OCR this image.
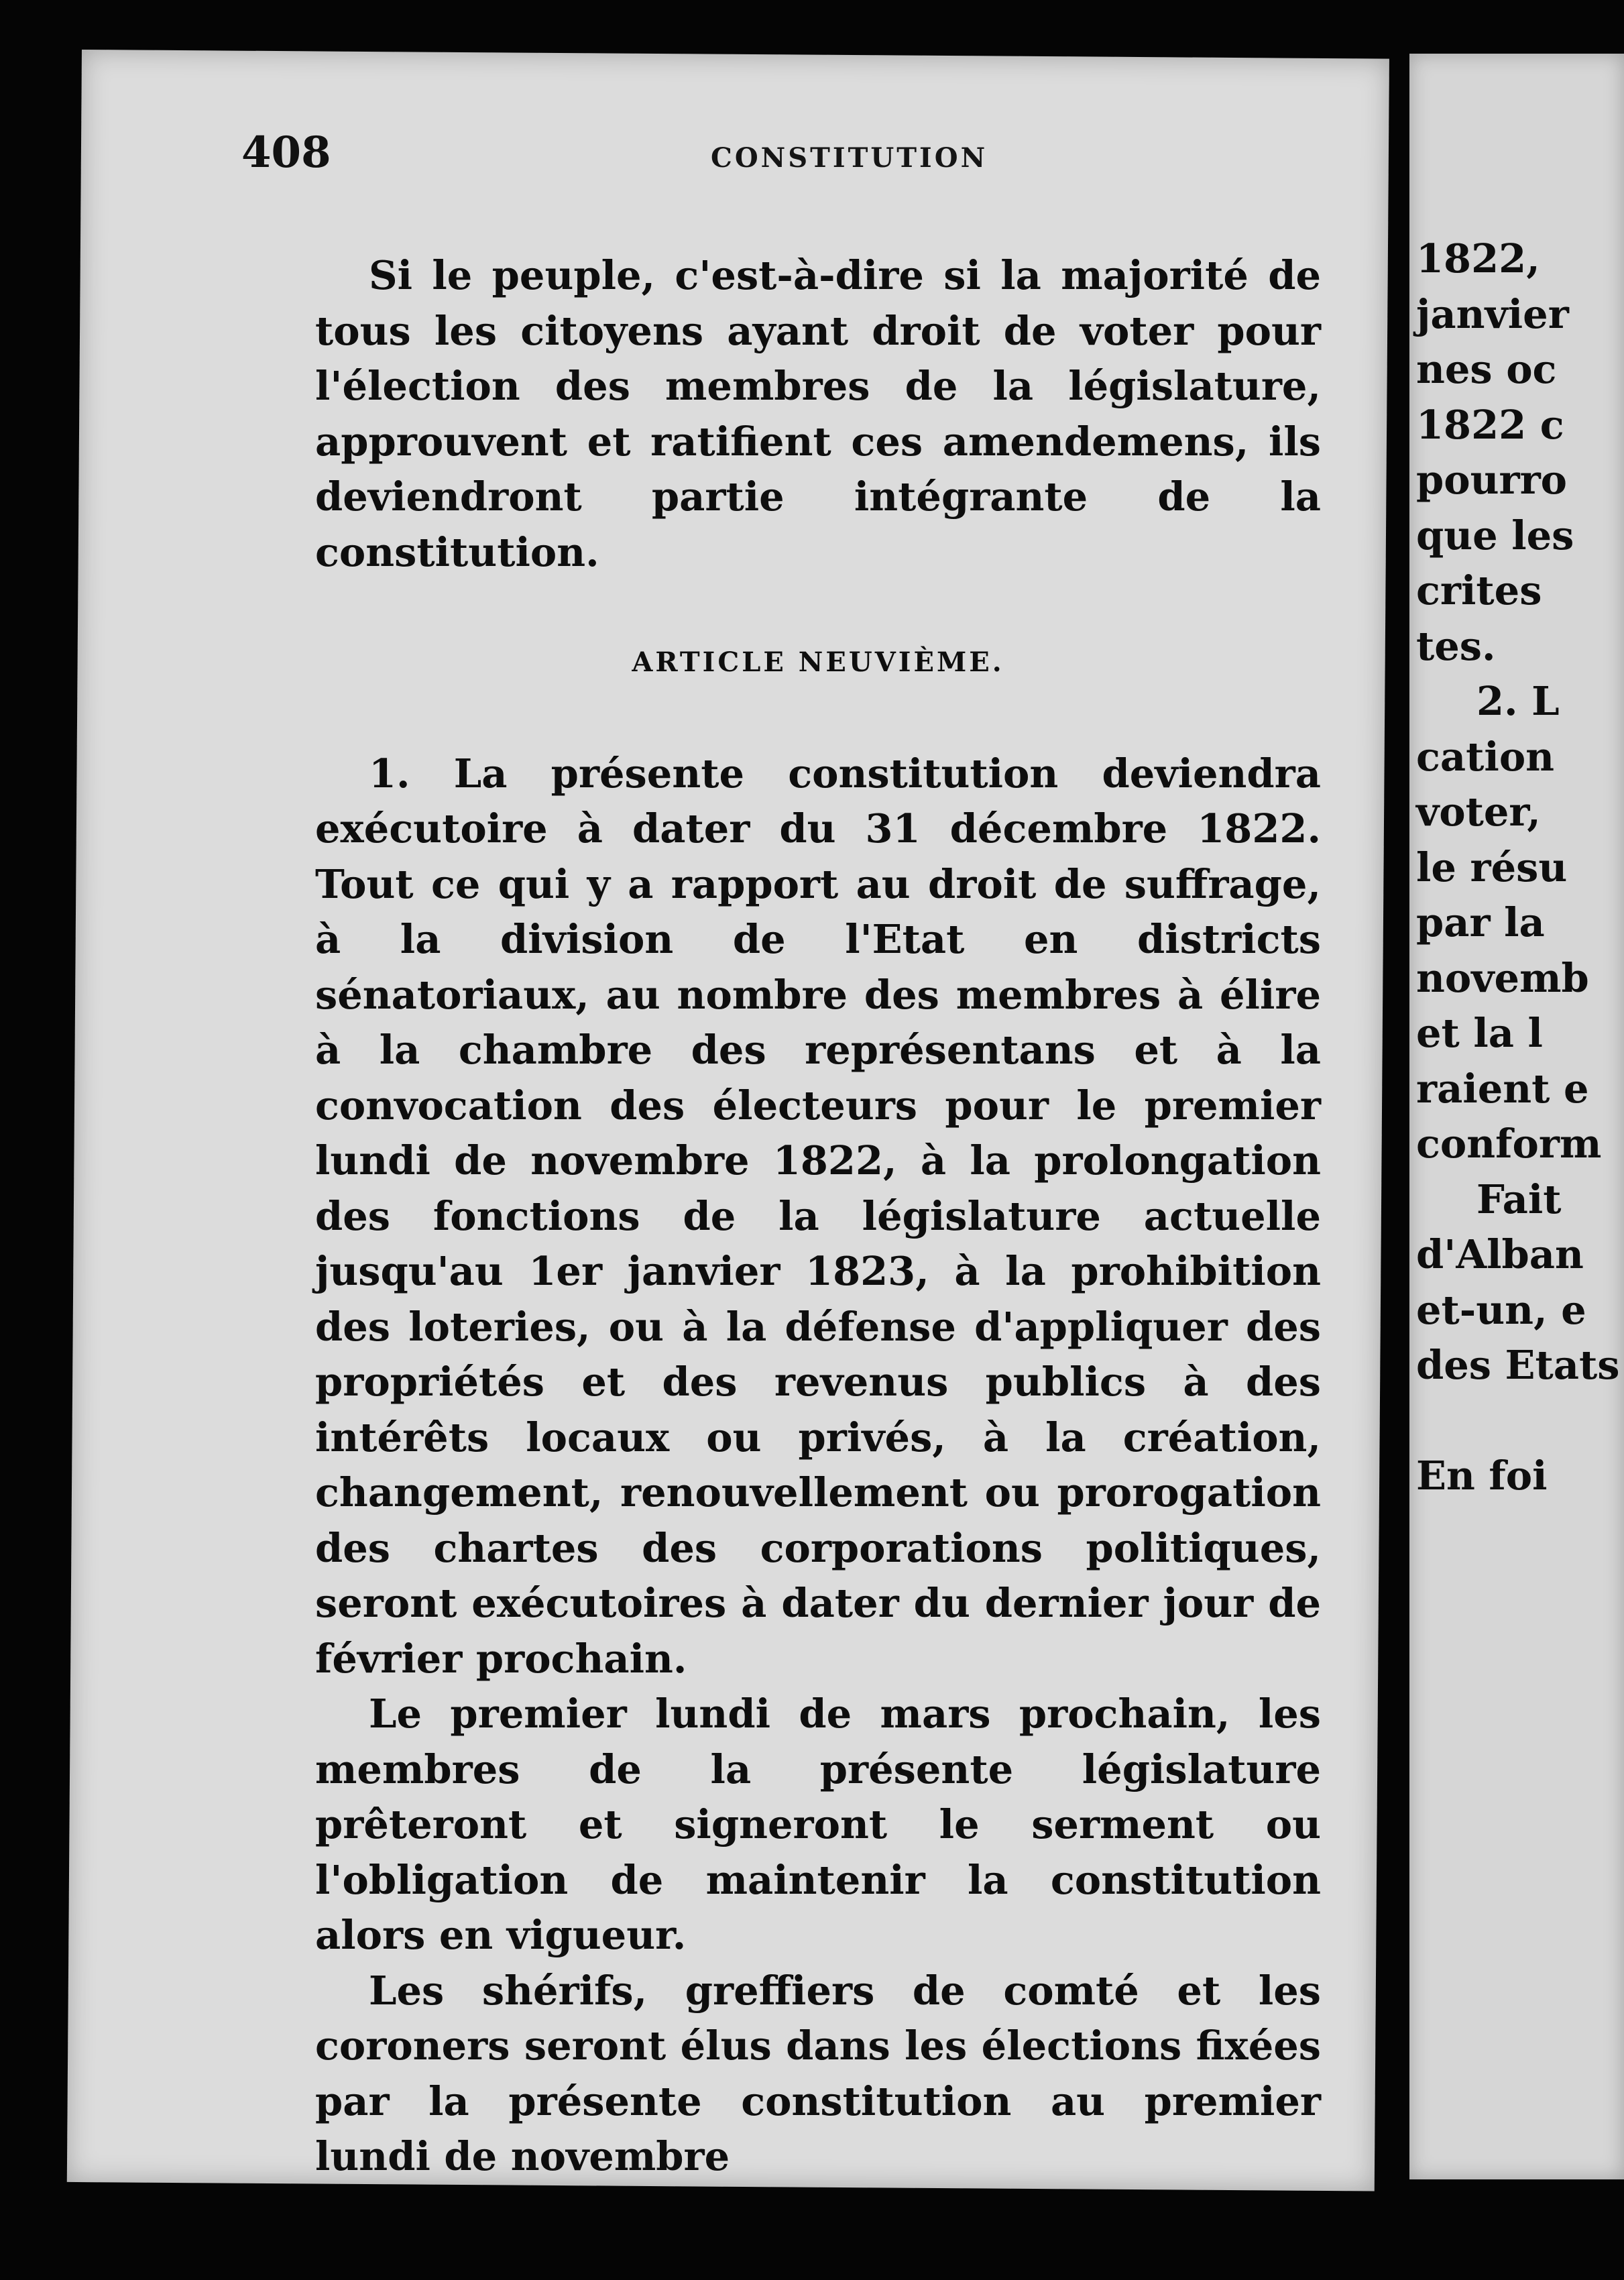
408	CONSTITUTION

Si le peuple, c'est-à-dire si la majorité de tous les citoyens ayant droit de voter pour l'élection des membres de la législature, approuvent et ratifient ces amendemens, ils deviendront partie intégrante de la constitution.

ARTICLE NEUVIÈME.

1. La présente constitution deviendra exécutoire à dater du 31 décembre 1822. Tout ce qui y a rapport au droit de suffrage, à la division de l'Etat en districts sénatoriaux, au nombre des membres à élire à la chambre des représentans et à la convocation des électeurs pour le premier lundi de novembre 1822, à la prolongation des fonctions de la législature actuelle jusqu'au 1er janvier 1823, à la prohibition des loteries, ou à la défense d'appliquer des propriétés et des revenus publics à des intérêts locaux ou privés, à la création, changement, renouvellement ou prorogation des chartes des corporations politiques, seront exécutoires à dater du dernier jour de février prochain.

Le premier lundi de mars prochain, les membres de la présente législature prêteront et signeront le serment ou l'obligation de maintenir la constitution alors en vigueur.

Les shérifs, greffiers de comté et les coroners seront élus dans les élections fixées par la présente constitution au premier lundi de novembre

1822,
janvier
nes oc
1822 c
pourro
que les
crites
tes.
2. L
cation
voter,
le résu
par la
novemb
et la l
raient e
conform
Fait
d'Alban
et-un, e
des Etats
En foi
